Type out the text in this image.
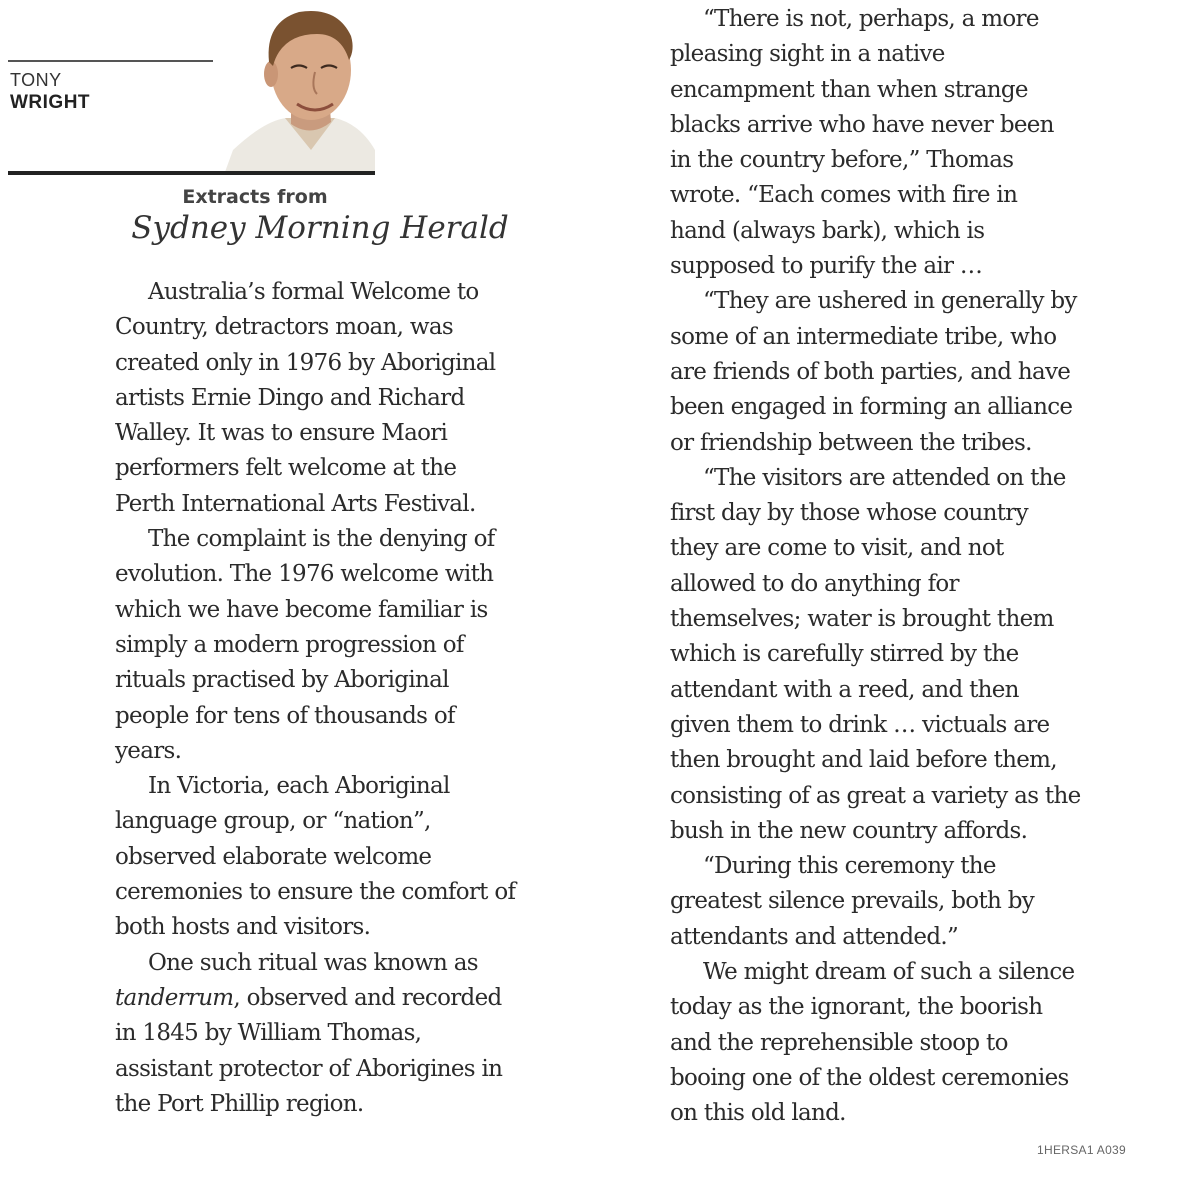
TONY
WRIGHT
Extracts from
Sydney Morning Herald
Australia’s formal Welcome to
Country, detractors moan, was
created only in 1976 by Aboriginal
artists Ernie Dingo and Richard
Walley. It was to ensure Maori
performers felt welcome at the
Perth International Arts Festival.
The complaint is the denying of
evolution. The 1976 welcome with
which we have become familiar is
simply a modern progression of
rituals practised by Aboriginal
people for tens of thousands of
years.
In Victoria, each Aboriginal
language group, or “nation”,
observed elaborate welcome
ceremonies to ensure the comfort of
both hosts and visitors.
One such ritual was known as
tanderrum, observed and recorded
in 1845 by William Thomas,
assistant protector of Aborigines in
the Port Phillip region.
“There is not, perhaps, a more
pleasing sight in a native
encampment than when strange
blacks arrive who have never been
in the country before,” Thomas
wrote. “Each comes with fire in
hand (always bark), which is
supposed to purify the air …
“They are ushered in generally by
some of an intermediate tribe, who
are friends of both parties, and have
been engaged in forming an alliance
or friendship between the tribes.
“The visitors are attended on the
first day by those whose country
they are come to visit, and not
allowed to do anything for
themselves; water is brought them
which is carefully stirred by the
attendant with a reed, and then
given them to drink … victuals are
then brought and laid before them,
consisting of as great a variety as the
bush in the new country affords.
“During this ceremony the
greatest silence prevails, both by
attendants and attended.”
We might dream of such a silence
today as the ignorant, the boorish
and the reprehensible stoop to
booing one of the oldest ceremonies
on this old land.
1HERSA1 A039
